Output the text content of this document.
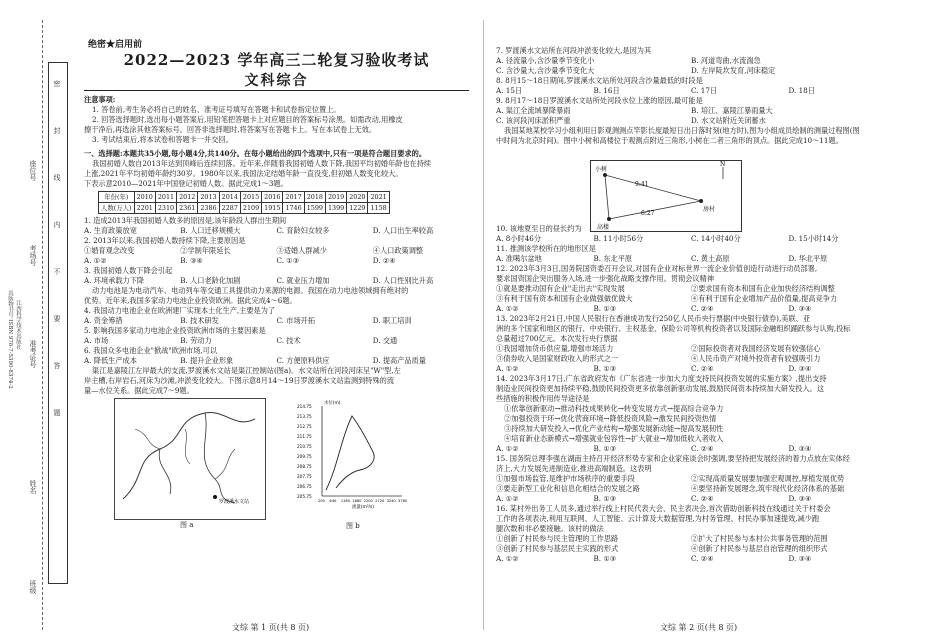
密封线内不要答题
座位号
考场号
准考证号
姓名
班级
出版物书号 ISBN 978-7-5390-8374-2 江西科学技术出版社
绝密★启用前
2022—2023 学年高三二轮复习验收考试
文科综合
注意事项:
1. 答卷前,考生务必将自己的姓名、准考证号填写在答题卡和试卷指定位置上。
2. 回答选择题时,选出每小题答案后,用铅笔把答题卡上对应题目的答案标号涂黑。如需改动,用橡皮
擦干净后,再选涂其他答案标号。回答非选择题时,将答案写在答题卡上。写在本试卷上无效。
3. 考试结束后,将本试卷和答题卡一并交回。
一、选择题:本题共35小题,每小题4分,共140分。在每小题给出的四个选项中,只有一项是符合题目要求的。
我国初婚人数自2013年达到顶峰后连续回落。近年来,伴随着我国初婚人数下降,我国平均初婚年龄也在持续
上涨,2021年平均初婚年龄约30岁。1980年以来,我国法定结婚年龄一直没变,但初婚人数变化较大。
下表示意2010—2021年中国登记初婚人数。据此完成1～3题。
年份(年)	2010	2011	2012	2013	2014	2015	2016	2017	2018	2019	2020	2021
人数(万人)	2201	2310	2361	2386	2287	2109	1915	1746	1599	1399	1229	1158
1. 造成2013年我国初婚人数多的原因是,该年龄段人群出生期间
A. 生育政策放宽	B. 人口迁移规模大	C. 育龄妇女较多	D. 人口出生率较高
2. 2013年以来,我国初婚人数持续下降,主要原因是
①婚育观念改变	②学制年限延长	③适婚人群减少	④人口政策调整
A. ①②	B. ③④	C. ①③	D. ②④
3. 我国初婚人数下降会引起
A. 环境承载力下降	B. 人口老龄化加剧	C. 就业压力增加	D. 人口性别比升高
动力电池是为电动汽车、电动列车等交通工具提供动力来源的电源。我国在动力电池领域拥有绝对的
优势。近年来,我国多家动力电池企业投资欧洲。据此完成4～6题。
4. 我国动力电池企业在欧洲建厂实现本土化生产,主要是为了
A. 资金筹措	B. 技术研发	C. 市场开拓	D. 职工培训
5. 影响我国多家动力电池企业投资欧洲市场的主要因素是
A. 市场	B. 劳动力	C. 技术	D. 交通
6. 我国众多电池企业"掀战"欧洲市场,可以
A. 降低生产成本	B. 提升企业形象	C. 方便原料供应	D. 提高产品质量
渠江是嘉陵江左岸最大的支流,罗渡溪水文站是渠江控制站(图a)。水文站所在河段河床呈"W"型,左
岸主槽,右岸岩石,河床为沙滩,冲淤变化较大。下图示意8月14～19日罗渡溪水文站监测到特殊的流
量—水位关系。据此完成7～9题。
罗渡溪水文站
图 a
214.75
213.75
212.75
211.75
210.75
209.75
208.75
207.75
206.75
205.75
200 640 1160 1680 2200 2720 3240 3760
水位(m)
流量(m³/s)
图 b
7. 罗渡溪水文站所在河段冲淤变化较大,是因为其
A. 径流量小,含沙量季节变化小	B. 河道弯曲,水流湍急
C. 含沙量大,含沙量季节变化大	D. 左岸陡坎发育,河床稳定
8. 8月15～18日期间,罗渡溪水文站所处河段含沙量最低的时段是
A. 15日	B. 16日	C. 17日	D. 18日
9. 8月17～18日罗渡溪水文站所处河段水位上涨的原因,最可能是
A. 渠江全流域暴降暴雨	B. 培江、嘉陵江暴雨量大
C. 该河段河床淤积严重	D. 水文站附近关闭蓄水
我国某地某校学习小组利用日影观测测点竿影长度最短日出日落时刻(地方时),图为小组成员绘制的测量过程图(图
中时间为北京时间)。图中小树和高楼位于观测点附近三角形,小树在二者三角形的顶点。据此完成10～11题。
10. 该地夏至日的昼长约为
A. 8小时46分	B. 11小时56分	C. 14小时40分	D. 15小时14分
11. 推测该学校所在的地形区是
A. 准噶尔盆地	B. 东北平原	C. 黄土高原	D. 华北平原
12. 2023年3月3日,国务院国资委召开会议,对国有企业对标世界一流企业价值创造行动进行动员部署,
要求国资国企突出服务入场,进一步强化战略支撑作用。贯彻会议精神
①就是要推动国有企业"走出去"实现发展	②要求国有资本和国有企业加快经济结构调整
③有利于国有资本和国有企业做强做优做大	④有利于国有企业增加产品价值量,提高竞争力
A. ①②	B. ①③	C. ②④	D. ③④
13. 2023年2月21日,中国人民银行在香港成功发行250亿人民币央行票据(中央银行债券),美联、亚
洲的多个国家和地区的银行、中央银行、主权基金、保险公司等机构投资者以及国际金融组织踊跃参与认购,投标
总量超过700亿元。本次发行央行票据
①我国增加货币供应量,增强市场活力	②国际投资者对我国经济发展有较强信心
③债券收入是国家财政收入的形式之一	④人民币资产对境外投资者有较强吸引力
A. ①②	B. ①③	C. ②④	D. ③④
14. 2023年3月17日,广东省政府发布《广东省进一步加大力度支持民间投资发展的实施方案》,提出支持
制造业民间投资更加持续平稳,鼓励民间投资更多依靠创新驱动发展,鼓励民间资本持续加大研发投入。这
些措施的积极作用传导途径是
①依靠创新驱动→推动科技成果转化→转变发展方式→提高综合竞争力
②加强投资于环→优化营商环境→降低投资风险→激发民间投资热情
③持续加大研发投入→优化产业结构→增强发展新动能→提高发展韧性
④培育新业态新模式→增强就业包容性→扩大就业→增加低收入者收入
A. ①②	B. ①③	C. ②④	D. ③④
15. 国务院总理李强在湖南主持召开经济形势专家和企业家座谈会时强调,要坚持把发展经济的着力点放在实体经
济上,大力发展先进制造业,推进高端制造。这表明
①加强市场监管,是维护市场秩序的重要手段	②实现高质量发展要加强宏观调控,厚植发展优势
③要走新型工业化和信息化相结合的发展之路	④要坚持新发展理念,筑牢现代化经济体系的基础
A. ①②	B. ①③	C. ②④	D. ③④
16. 某村外出务工人员多,通过举行线上村民代表大会、民主表决会,首次借助创新科技在线通过关于村委会
工作的各项表决,利用互联网、人工智能、云计算及大数据管理,为村务管理、村民办事加速提效,减少跑
腿次数和非必要接触。该村的做法
①创新了村民参与民主管理的工作思路	②扩大了村民参与本村公共事务管理的范围
③创新了村民参与基层民主实践的形式	④创新了村民参与基层自治管理的组织形式
A. ①②	B. ①③	C. ②④	D. ③④
小树
房村
高楼
9:41
6:27
N
文综 第 1 页(共 8 页)	文综 第 2 页(共 8 页)
